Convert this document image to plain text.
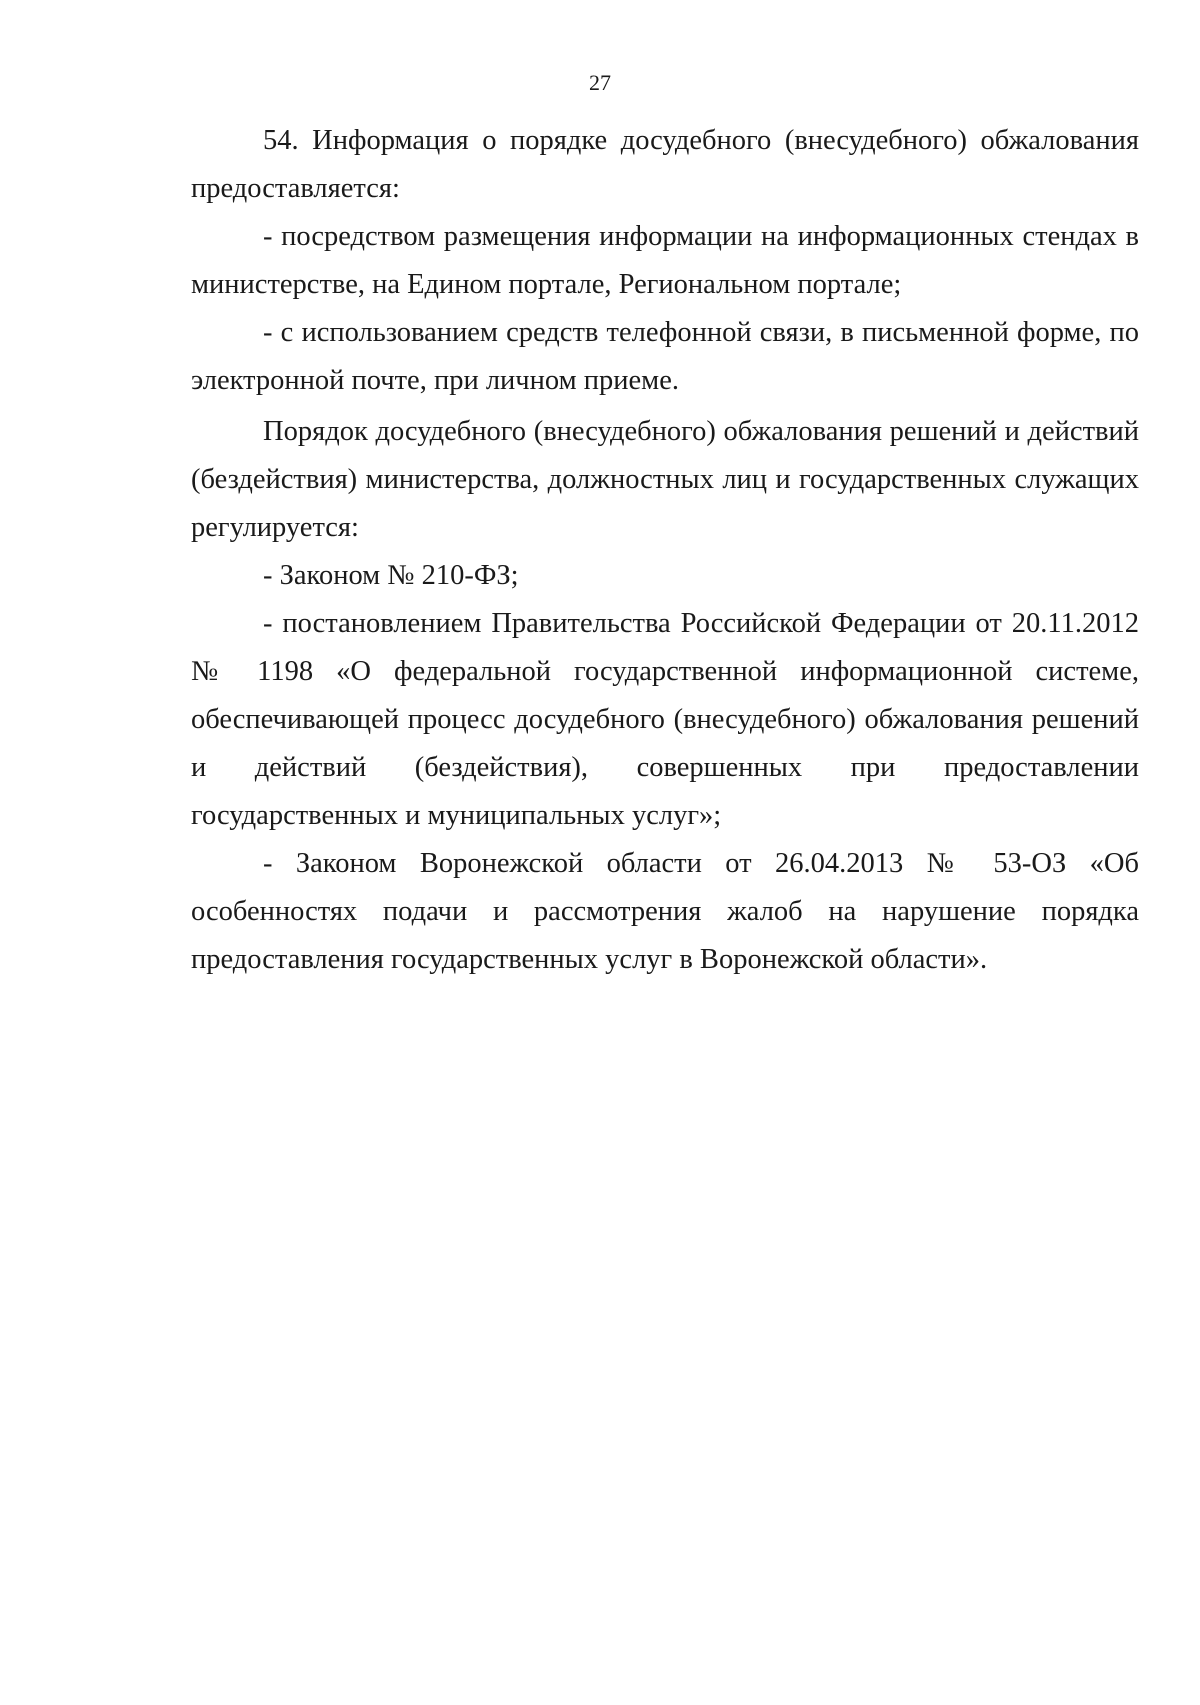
27

54. Информация о порядке досудебного (внесудебного) обжалования предоставляется:

- посредством размещения информации на информационных стендах в министерстве, на Едином портале, Региональном портале;

- с использованием средств телефонной связи, в письменной форме, по электронной почте, при личном приеме.

Порядок досудебного (внесудебного) обжалования решений и действий (бездействия) министерства, должностных лиц и государственных служащих регулируется:

- Законом № 210-ФЗ;

- постановлением Правительства Российской Федерации от 20.11.2012 № 1198 «О федеральной государственной информационной системе, обеспечивающей процесс досудебного (внесудебного) обжалования решений и действий (бездействия), совершенных при предоставлении государственных и муниципальных услуг»;

- Законом Воронежской области от 26.04.2013 № 53-ОЗ «Об особенностях подачи и рассмотрения жалоб на нарушение порядка предоставления государственных услуг в Воронежской области».
